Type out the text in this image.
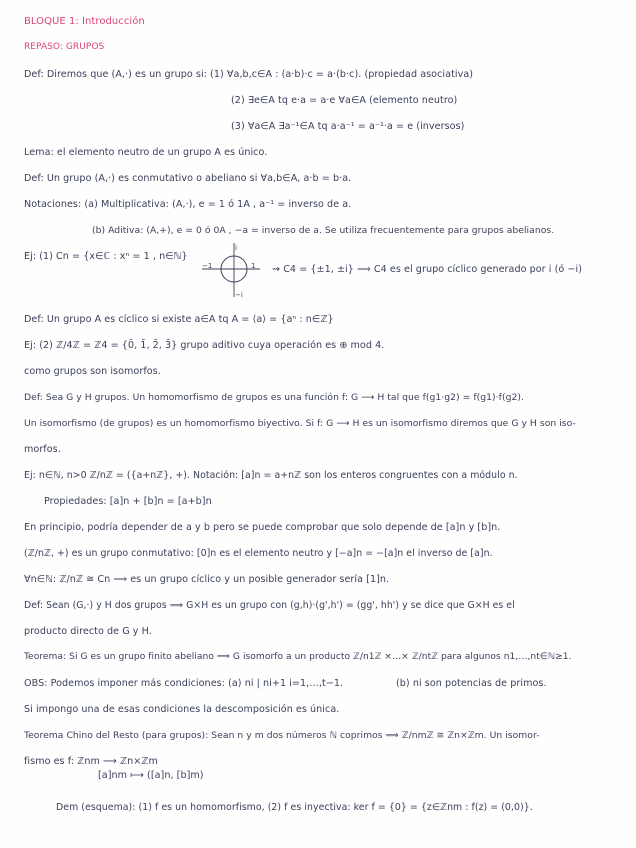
BLOQUE 1: Introducción
REPASO: GRUPOS
Def: Diremos que (A,·) es un grupo si: (1) ∀a,b,c∈A : (a·b)·c = a·(b·c). (propiedad asociativa)
(2) ∃e∈A tq e·a = a·e ∀a∈A (elemento neutro)
(3) ∀a∈A ∃a⁻¹∈A tq a·a⁻¹ = a⁻¹·a = e (inversos)
Lema: el elemento neutro de un grupo A es único.
Def: Un grupo (A,·) es conmutativo o abeliano si ∀a,b∈A, a·b = b·a.
Notaciones: (a) Multiplicativa: (A,·), e = 1 ó 1A , a⁻¹ = inverso de a.
(b) Aditiva: (A,+), e = 0 ó 0A , −a = inverso de a. Se utiliza frecuentemente para grupos abelianos.
Ej: (1) Cn = {x∈ℂ : xⁿ = 1 , n∈ℕ}
i
−i
−1	1 ⇝ C4 = {±1, ±i} ⟹ C4 es el grupo cíclico generado por i (ó −i)
Def: Un grupo A es cíclico si existe a∈A tq A = ⟨a⟩ = {aⁿ : n∈ℤ}
Ej: (2) ℤ/4ℤ = ℤ4 = {0̄, 1̄, 2̄, 3̄} grupo aditivo cuya operación es ⊕ mod 4.
como grupos son isomorfos.
Def: Sea G y H grupos. Un homomorfismo de grupos es una función f: G ⟶ H tal que f(g1·g2) = f(g1)·f(g2).
Un isomorfismo (de grupos) es un homomorfismo biyectivo. Si f: G ⟶ H es un isomorfismo diremos que G y H son iso-
morfos.
Ej: n∈ℕ, n>0 ℤ/nℤ = ({a+nℤ}, +). Notación: [a]n = a+nℤ son los enteros congruentes con a módulo n.
Propiedades: [a]n + [b]n = [a+b]n
En principio, podría depender de a y b pero se puede comprobar que solo depende de [a]n y [b]n.
(ℤ/nℤ, +) es un grupo conmutativo: [0]n es el elemento neutro y [−a]n = −[a]n el inverso de [a]n.
∀n∈ℕ: ℤ/nℤ ≅ Cn ⟹ es un grupo cíclico y un posible generador sería [1]n.
Def: Sean (G,·) y H dos grupos ⟹ G×H es un grupo con (g,h)·(g',h') = (gg', hh') y se dice que G×H es el
producto directo de G y H.
Teorema: Si G es un grupo finito abeliano ⟹ G isomorfo a un producto ℤ/n1ℤ ×…× ℤ/ntℤ para algunos n1,…,nt∈ℕ≥1.
OBS: Podemos imponer más condiciones: (a) ni | ni+1 i=1,…,t−1.	(b) ni son potencias de primos.
Si impongo una de esas condiciones la descomposición es única.
Teorema Chino del Resto (para grupos): Sean n y m dos números ℕ coprimos ⟹ ℤ/nmℤ ≅ ℤn×ℤm. Un isomor-
fismo es f: ℤnm ⟶ ℤn×ℤm
[a]nm ⟼ ([a]n, [b]m)
Dem (esquema): (1) f es un homomorfismo, (2) f es inyectiva: ker f = {0} = {z∈ℤnm : f(z) = (0,0)}.
